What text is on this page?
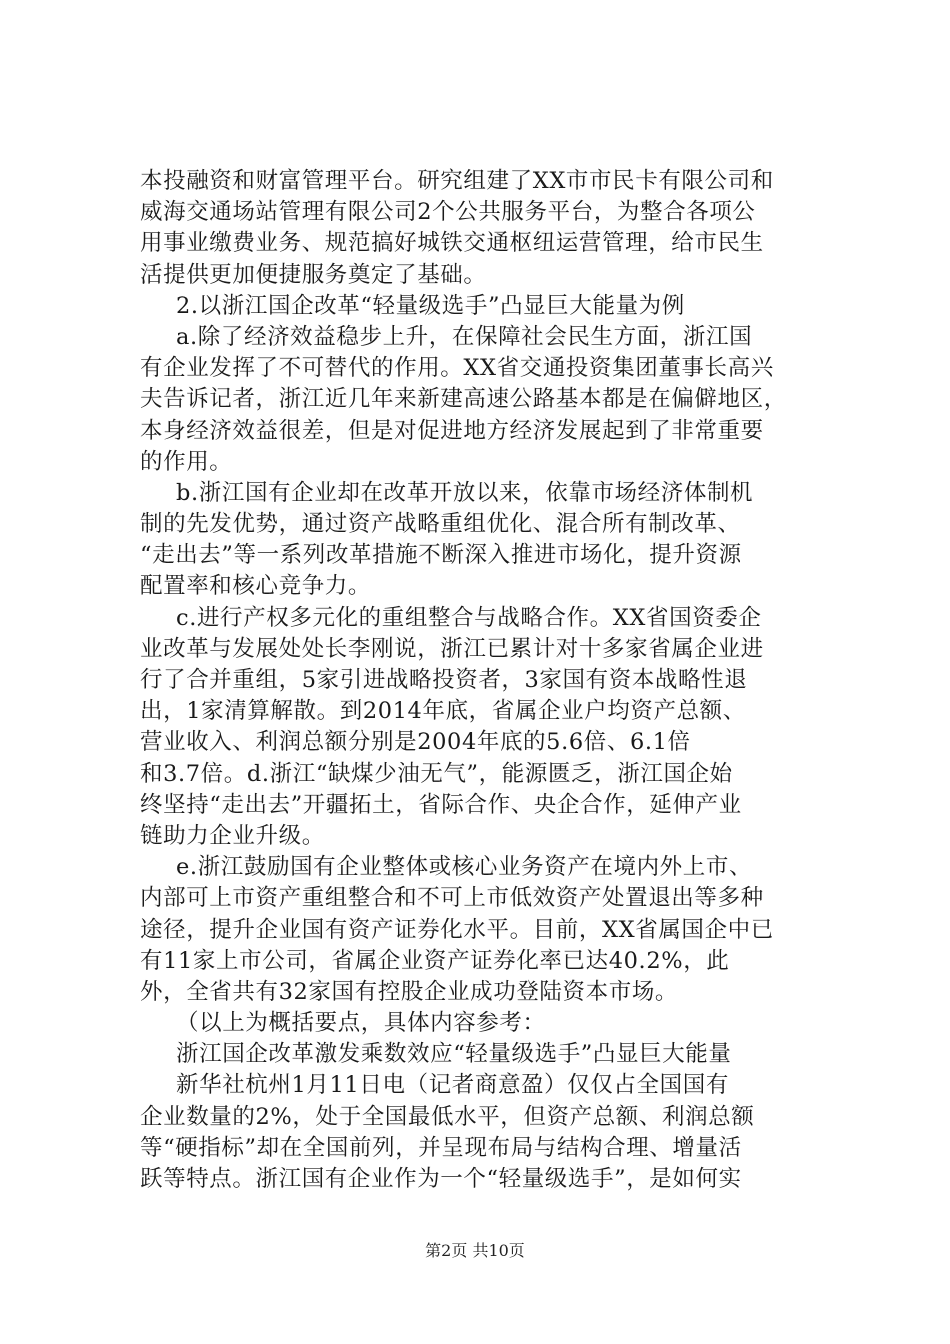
本投融资和财富管理平台。研究组建了XX市市民卡有限公司和
威海交通场站管理有限公司2个公共服务平台，为整合各项公
用事业缴费业务、规范搞好城铁交通枢纽运营管理，给市民生
活提供更加便捷服务奠定了基础。
2.以浙江国企改革“轻量级选手”凸显巨大能量为例
a.除了经济效益稳步上升，在保障社会民生方面，浙江国
有企业发挥了不可替代的作用。XX省交通投资集团董事长高兴
夫告诉记者，浙江近几年来新建高速公路基本都是在偏僻地区，
本身经济效益很差，但是对促进地方经济发展起到了非常重要
的作用。
b.浙江国有企业却在改革开放以来，依靠市场经济体制机
制的先发优势，通过资产战略重组优化、混合所有制改革、
“走出去”等一系列改革措施不断深入推进市场化，提升资源
配置率和核心竞争力。
c.进行产权多元化的重组整合与战略合作。XX省国资委企
业改革与发展处处长李刚说，浙江已累计对十多家省属企业进
行了合并重组，5家引进战略投资者，3家国有资本战略性退
出，1家清算解散。到2014年底，省属企业户均资产总额、
营业收入、利润总额分别是2004年底的5.6倍、6.1倍
和3.7倍。d.浙江“缺煤少油无气”，能源匮乏，浙江国企始
终坚持“走出去”开疆拓土，省际合作、央企合作，延伸产业
链助力企业升级。
e.浙江鼓励国有企业整体或核心业务资产在境内外上市、
内部可上市资产重组整合和不可上市低效资产处置退出等多种
途径，提升企业国有资产证券化水平。目前，XX省属国企中已
有11家上市公司，省属企业资产证券化率已达40.2%，此
外，全省共有32家国有控股企业成功登陆资本市场。
（以上为概括要点，具体内容参考：
浙江国企改革激发乘数效应“轻量级选手”凸显巨大能量
新华社杭州1月11日电（记者商意盈）仅仅占全国国有
企业数量的2%，处于全国最低水平，但资产总额、利润总额
等“硬指标”却在全国前列，并呈现布局与结构合理、增量活
跃等特点。浙江国有企业作为一个“轻量级选手”，是如何实
第2页 共10页
